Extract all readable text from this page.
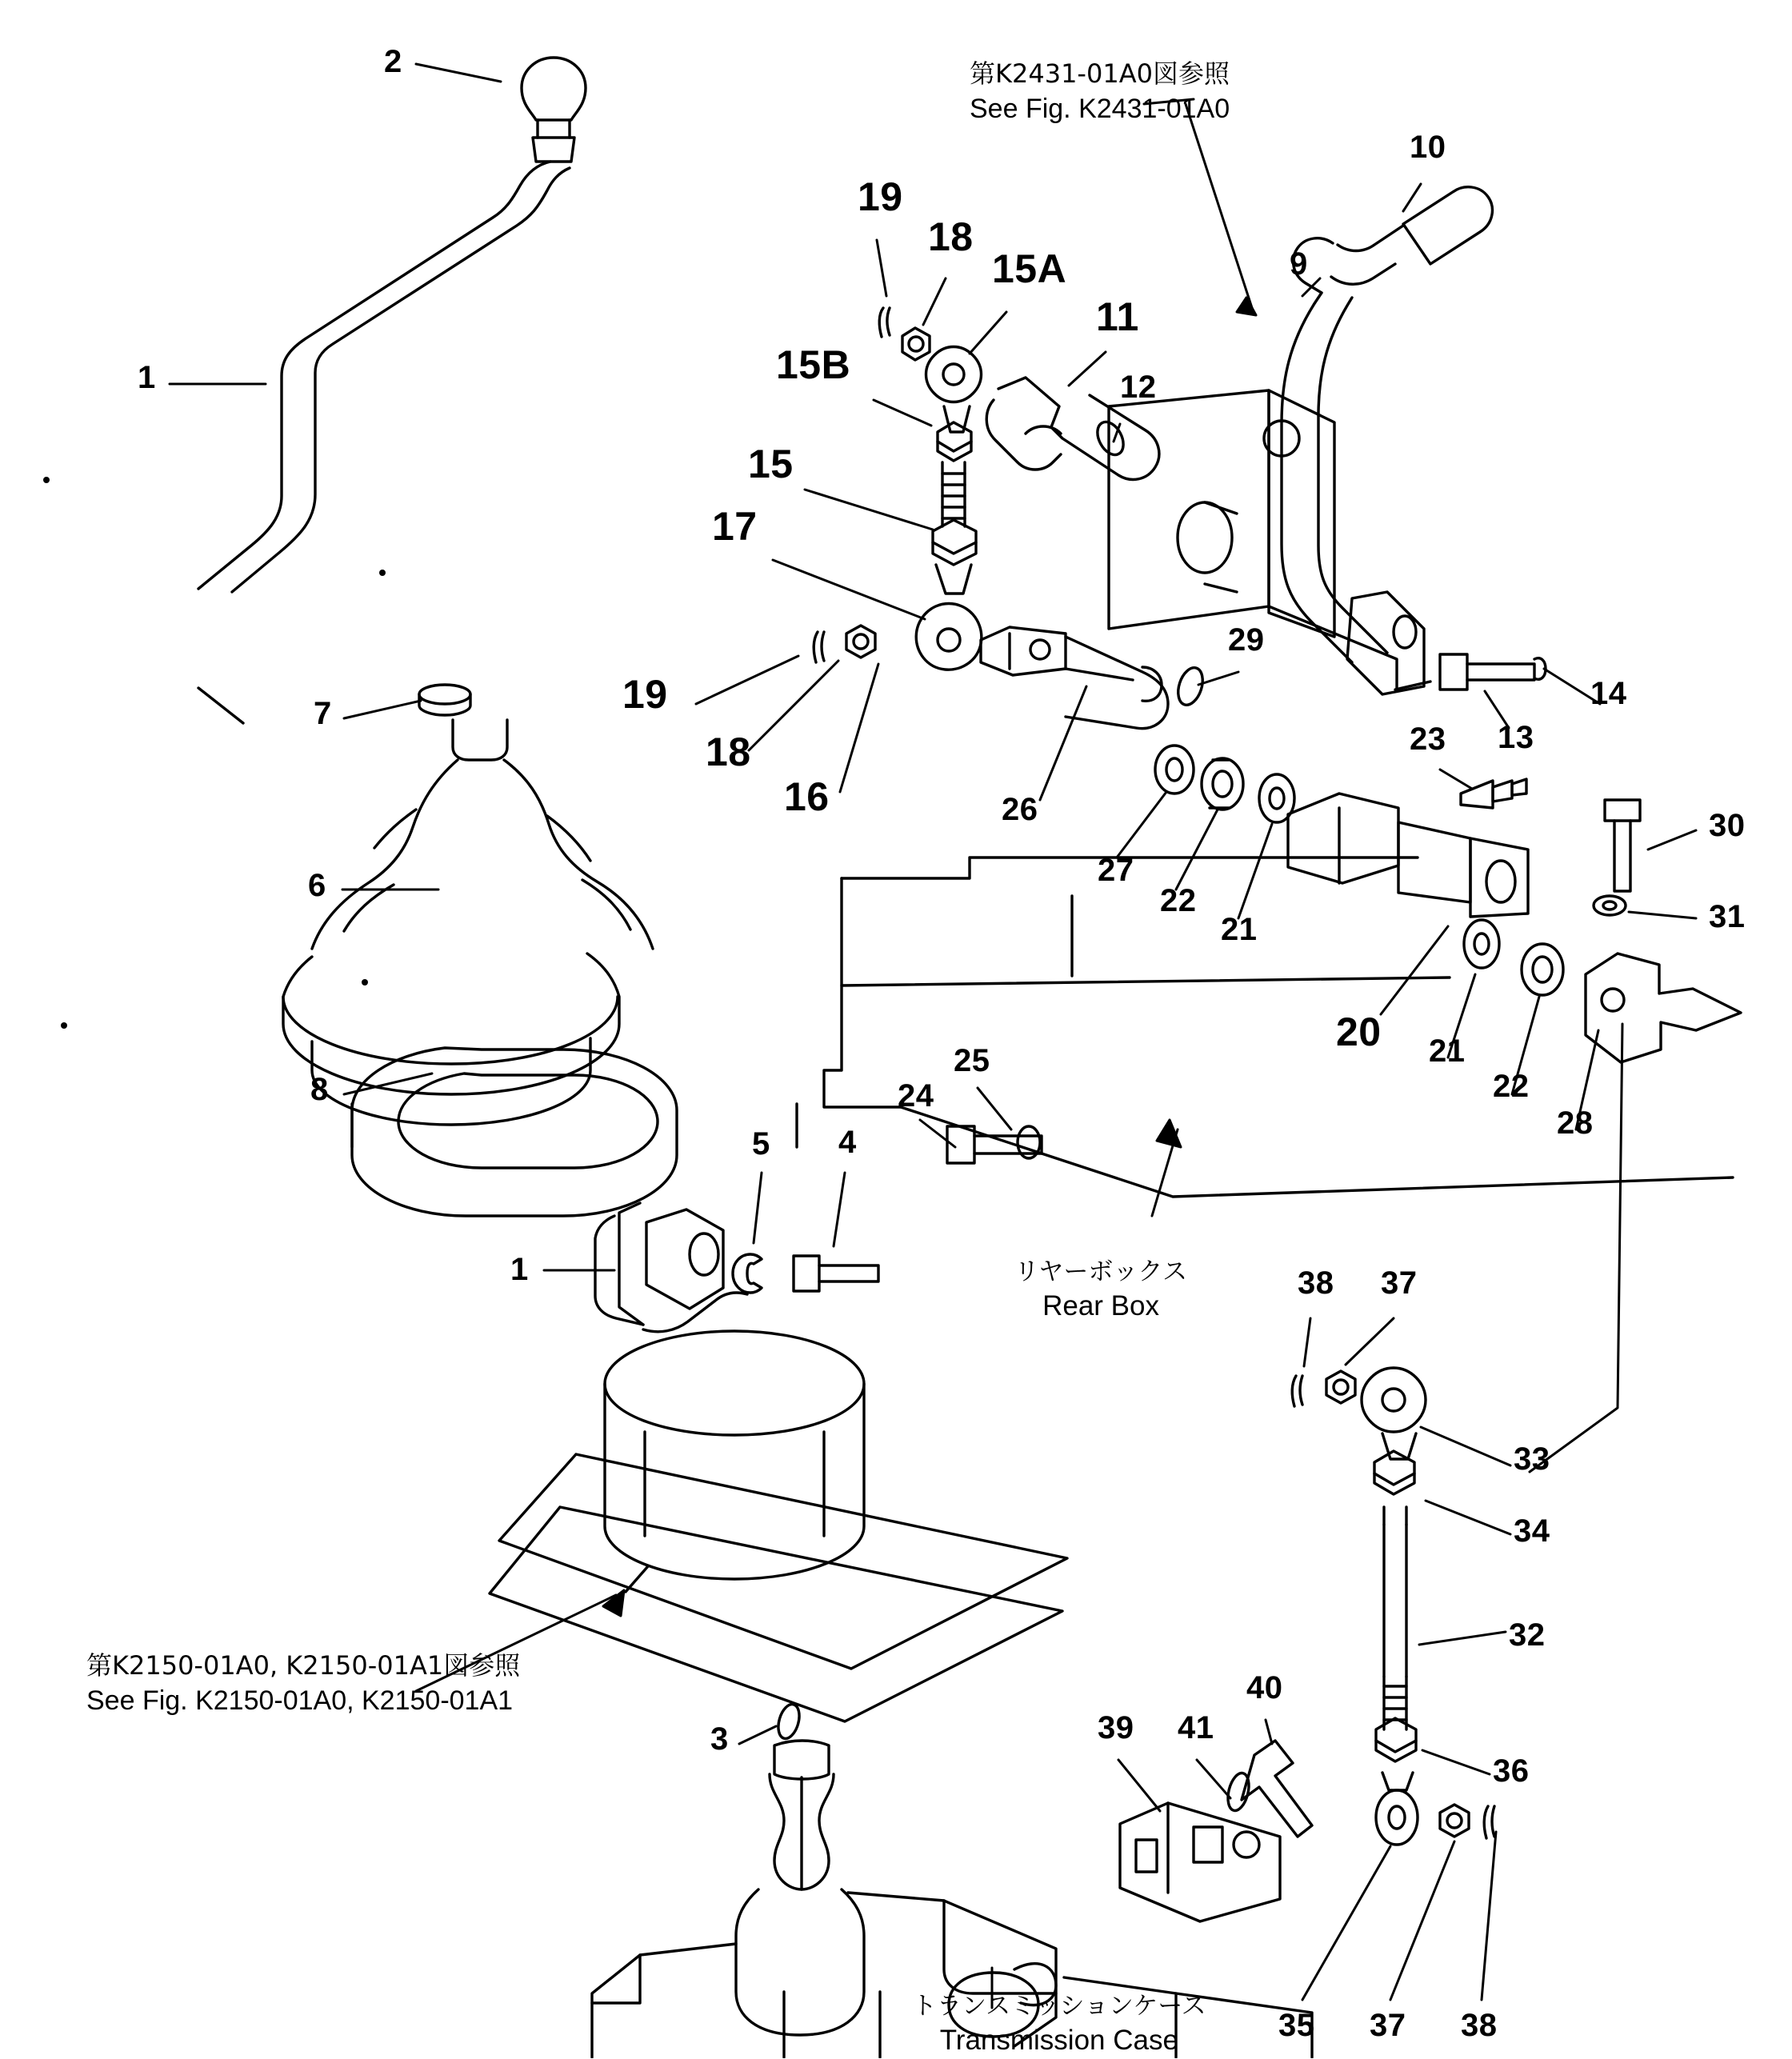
2
1
7
6
8
1
5 4
3
19
18
15A
15B
11
12
15
17
19
18
16
10
9
14
13
29
26
27
22
21
23
30
31
20 21
22
28
24
25
38 37
33
34
32
36
40
41
39
35 37 38
第K2431-01A0図参照
See Fig. K2431-01A0
第K2150-01A0, K2150-01A1図参照
See Fig. K2150-01A0, K2150-01A1
リヤーボックス
Rear Box
トランスミッションケース
Transmission Case
